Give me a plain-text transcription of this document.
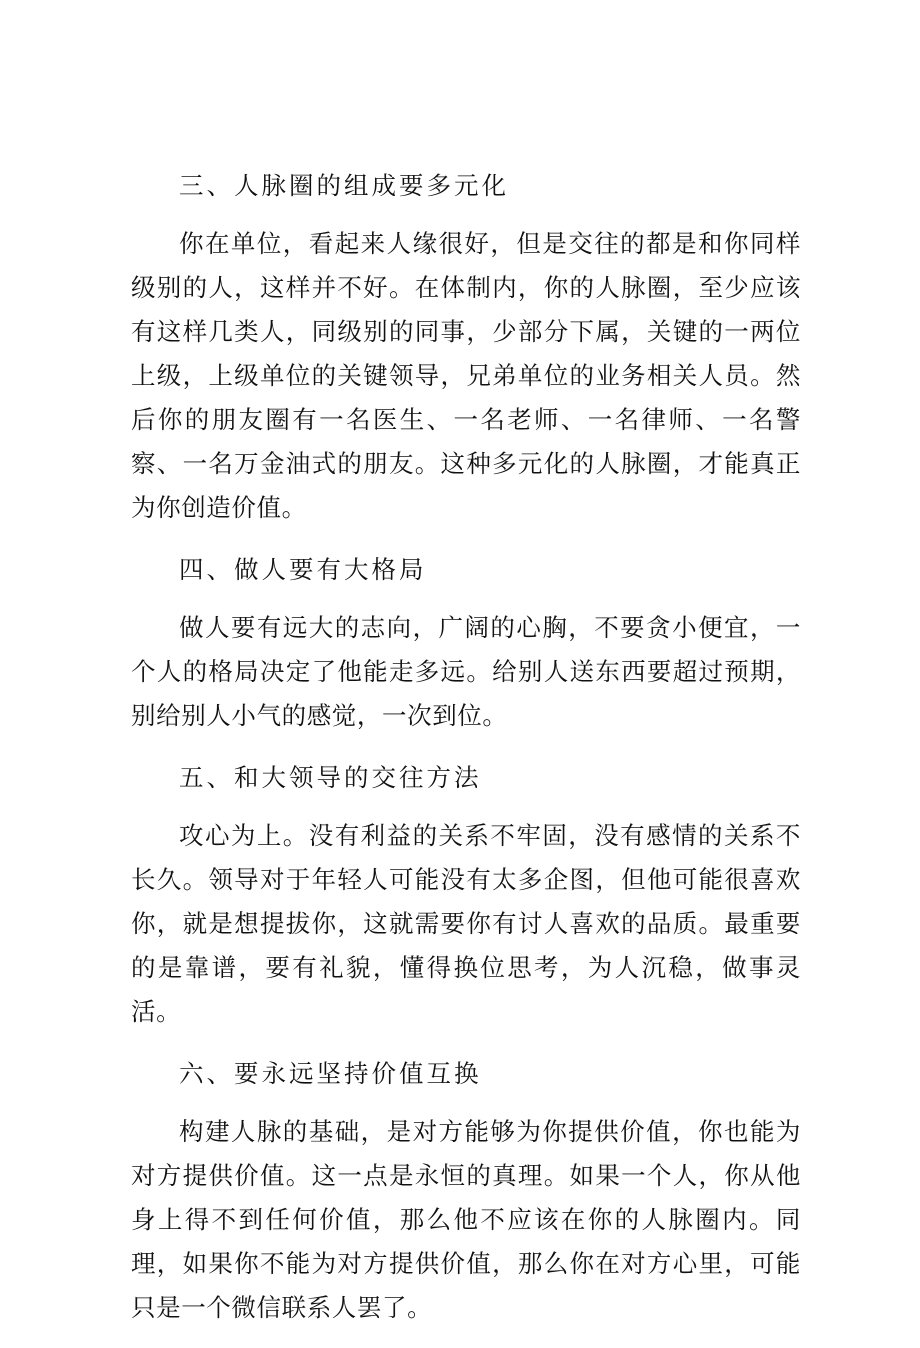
三、人脉圈的组成要多元化

你在单位，看起来人缘很好，但是交往的都是和你同样级别的人，这样并不好。在体制内，你的人脉圈，至少应该有这样几类人，同级别的同事，少部分下属，关键的一两位上级，上级单位的关键领导，兄弟单位的业务相关人员。然后你的朋友圈有一名医生、一名老师、一名律师、一名警察、一名万金油式的朋友。这种多元化的人脉圈，才能真正为你创造价值。

四、做人要有大格局

做人要有远大的志向，广阔的心胸，不要贪小便宜，一个人的格局决定了他能走多远。给别人送东西要超过预期，别给别人小气的感觉，一次到位。

五、和大领导的交往方法

攻心为上。没有利益的关系不牢固，没有感情的关系不长久。领导对于年轻人可能没有太多企图，但他可能很喜欢你，就是想提拔你，这就需要你有讨人喜欢的品质。最重要的是靠谱，要有礼貌，懂得换位思考，为人沉稳，做事灵活。

六、要永远坚持价值互换

构建人脉的基础，是对方能够为你提供价值，你也能为对方提供价值。这一点是永恒的真理。如果一个人，你从他身上得不到任何价值，那么他不应该在你的人脉圈内。同理，如果你不能为对方提供价值，那么你在对方心里，可能只是一个微信联系人罢了。
